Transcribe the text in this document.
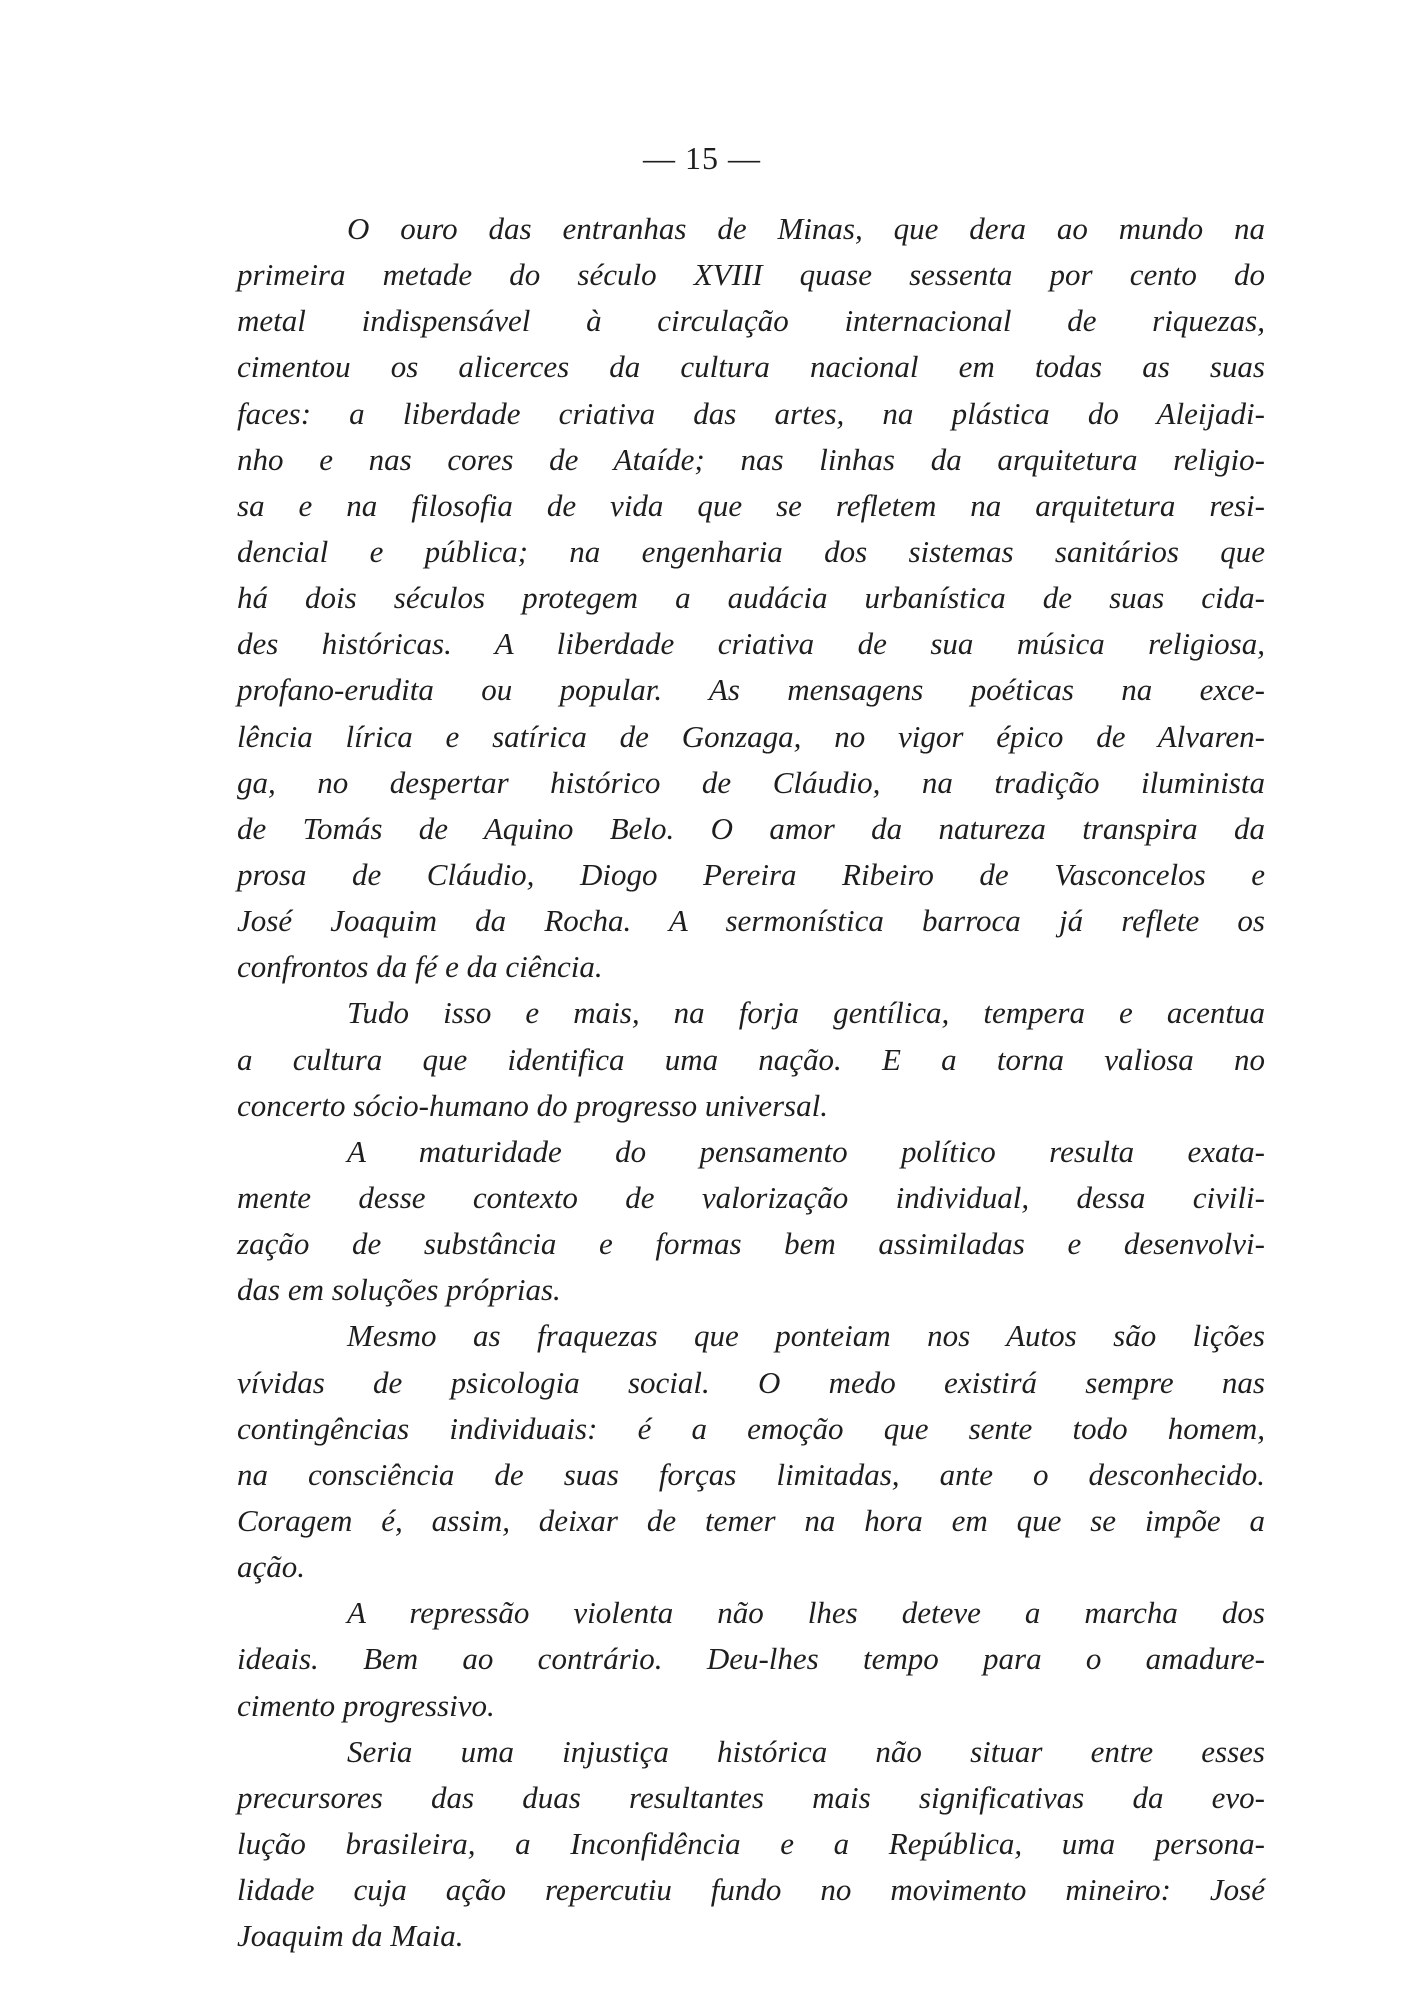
— 15 —
O ouro das entranhas de Minas, que dera ao mundo na
primeira metade do século XVIII quase sessenta por cento do
metal indispensável à circulação internacional de riquezas,
cimentou os alicerces da cultura nacional em todas as suas
faces: a liberdade criativa das artes, na plástica do Aleijadi-
nho e nas cores de Ataíde; nas linhas da arquitetura religio-
sa e na filosofia de vida que se refletem na arquitetura resi-
dencial e pública; na engenharia dos sistemas sanitários que
há dois séculos protegem a audácia urbanística de suas cida-
des históricas. A liberdade criativa de sua música religiosa,
profano-erudita ou popular. As mensagens poéticas na exce-
lência lírica e satírica de Gonzaga, no vigor épico de Alvaren-
ga, no despertar histórico de Cláudio, na tradição iluminista
de Tomás de Aquino Belo. O amor da natureza transpira da
prosa de Cláudio, Diogo Pereira Ribeiro de Vasconcelos e
José Joaquim da Rocha. A sermonística barroca já reflete os
confrontos da fé e da ciência.
Tudo isso e mais, na forja gentílica, tempera e acentua
a cultura que identifica uma nação. E a torna valiosa no
concerto sócio-humano do progresso universal.
A maturidade do pensamento político resulta exata-
mente desse contexto de valorização individual, dessa civili-
zação de substância e formas bem assimiladas e desenvolvi-
das em soluções próprias.
Mesmo as fraquezas que ponteiam nos Autos são lições
vívidas de psicologia social. O medo existirá sempre nas
contingências individuais: é a emoção que sente todo homem,
na consciência de suas forças limitadas, ante o desconhecido.
Coragem é, assim, deixar de temer na hora em que se impõe a
ação.
A repressão violenta não lhes deteve a marcha dos
ideais. Bem ao contrário. Deu-lhes tempo para o amadure-
cimento progressivo.
Seria uma injustiça histórica não situar entre esses
precursores das duas resultantes mais significativas da evo-
lução brasileira, a Inconfidência e a República, uma persona-
lidade cuja ação repercutiu fundo no movimento mineiro: José
Joaquim da Maia.
